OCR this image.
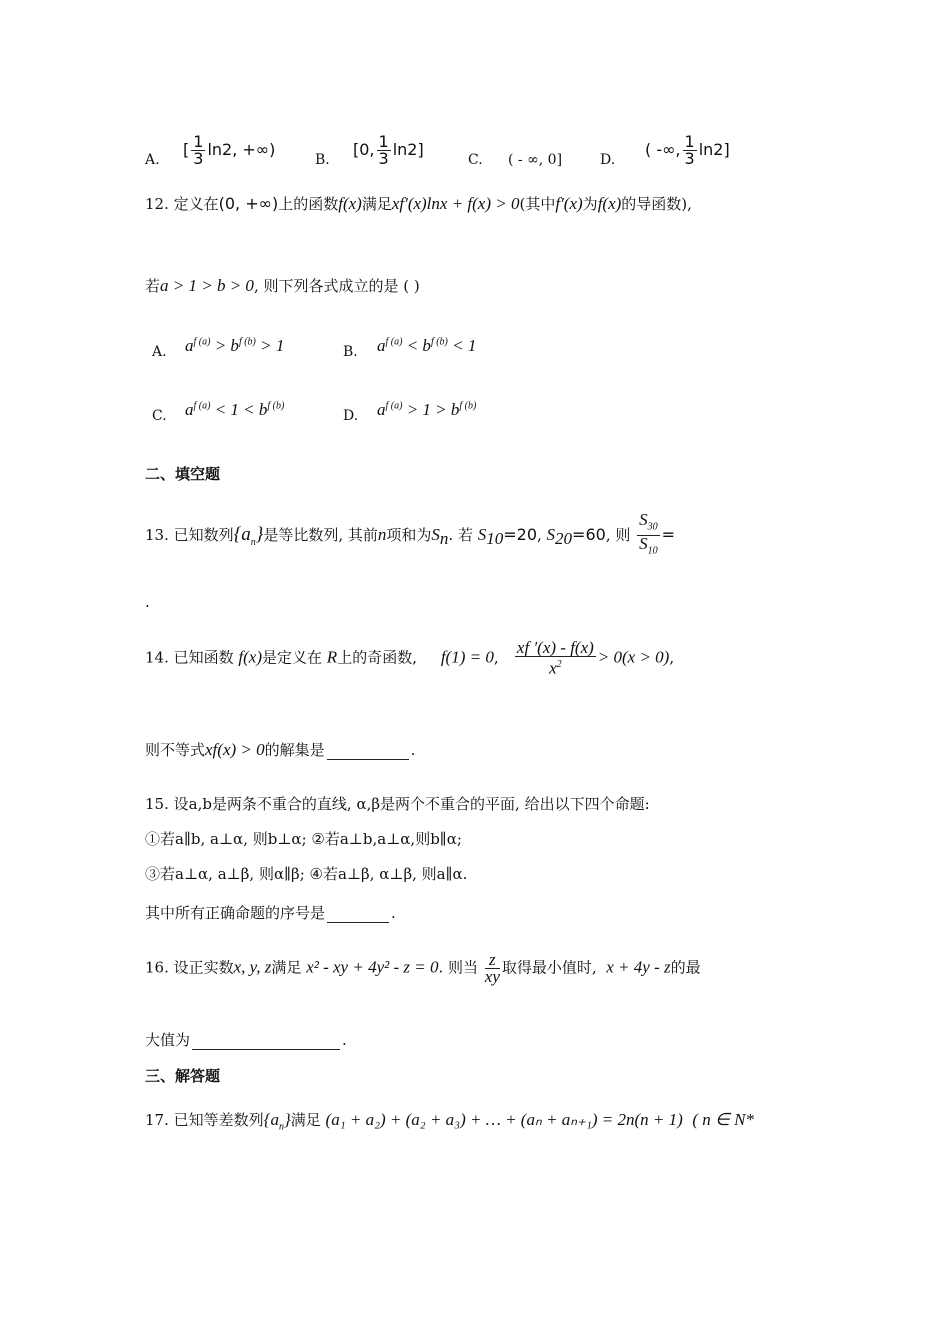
A.
[ $\frac{1}{3} \ln 2$, +∞)
B.
[0, $\frac{1}{3} \ln 2$]
C. ( - ∞, 0]	D.
( -∞, $\frac{1}{3} \ln 2$]
12. 定义在(0, +∞)上的函数f(x)满足xf′(x)lnx + f(x) > 0(其中f′(x)为f(x)的导函数),
若a > 1 > b > 0, 则下列各式成立的是 ( )
A. $a^{f (a)} > b^{f (b)} > 1$	B. $a^{f (a)} < b^{f (b)} < 1$
C. $a^{f (a)} < 1 < b^{f (b)}$
D. $a^{f (a)} > 1 > b^{f (b)}$
二、填空题
13. 已知数列$\{a_n\}$是等比数列, 其前n项和为$S_n$. 若 $S_{10}=20$, $S_{20}=60$, 则 $\frac{S_{30}}{S_{10}}$ =
.
14. 已知函数 f(x)是定义在 R上的奇函数, f(1) = 0, $\frac{xf '(x) - f(x)}{x^2} > 0(x > 0)$,
则不等式xf(x) > 0的解集是	.
15. 设a,b是两条不重合的直线, α,β是两个不重合的平面, 给出以下四个命题:
①若a∥b, a⊥α, 则b⊥α; ②若a⊥b,a⊥α,则b∥α;
③若a⊥α, a⊥β, 则α∥β; ④若a⊥β, α⊥β, 则a∥α.
其中所有正确命题的序号是	.
16. 设正实数x, y, z满足 x² - xy + 4y² - z = 0. 则当 $\frac{z}{xy}$ 取得最小值时, x + 4y - z的最
大值为	.
三、解答题
17. 已知等差数列$\{a_n\}$满足 (a₁ + a₂) + (a₂ + a₃) + … + (aₙ + aₙ₊₁) = 2n(n + 1) ( n ∈ N*
